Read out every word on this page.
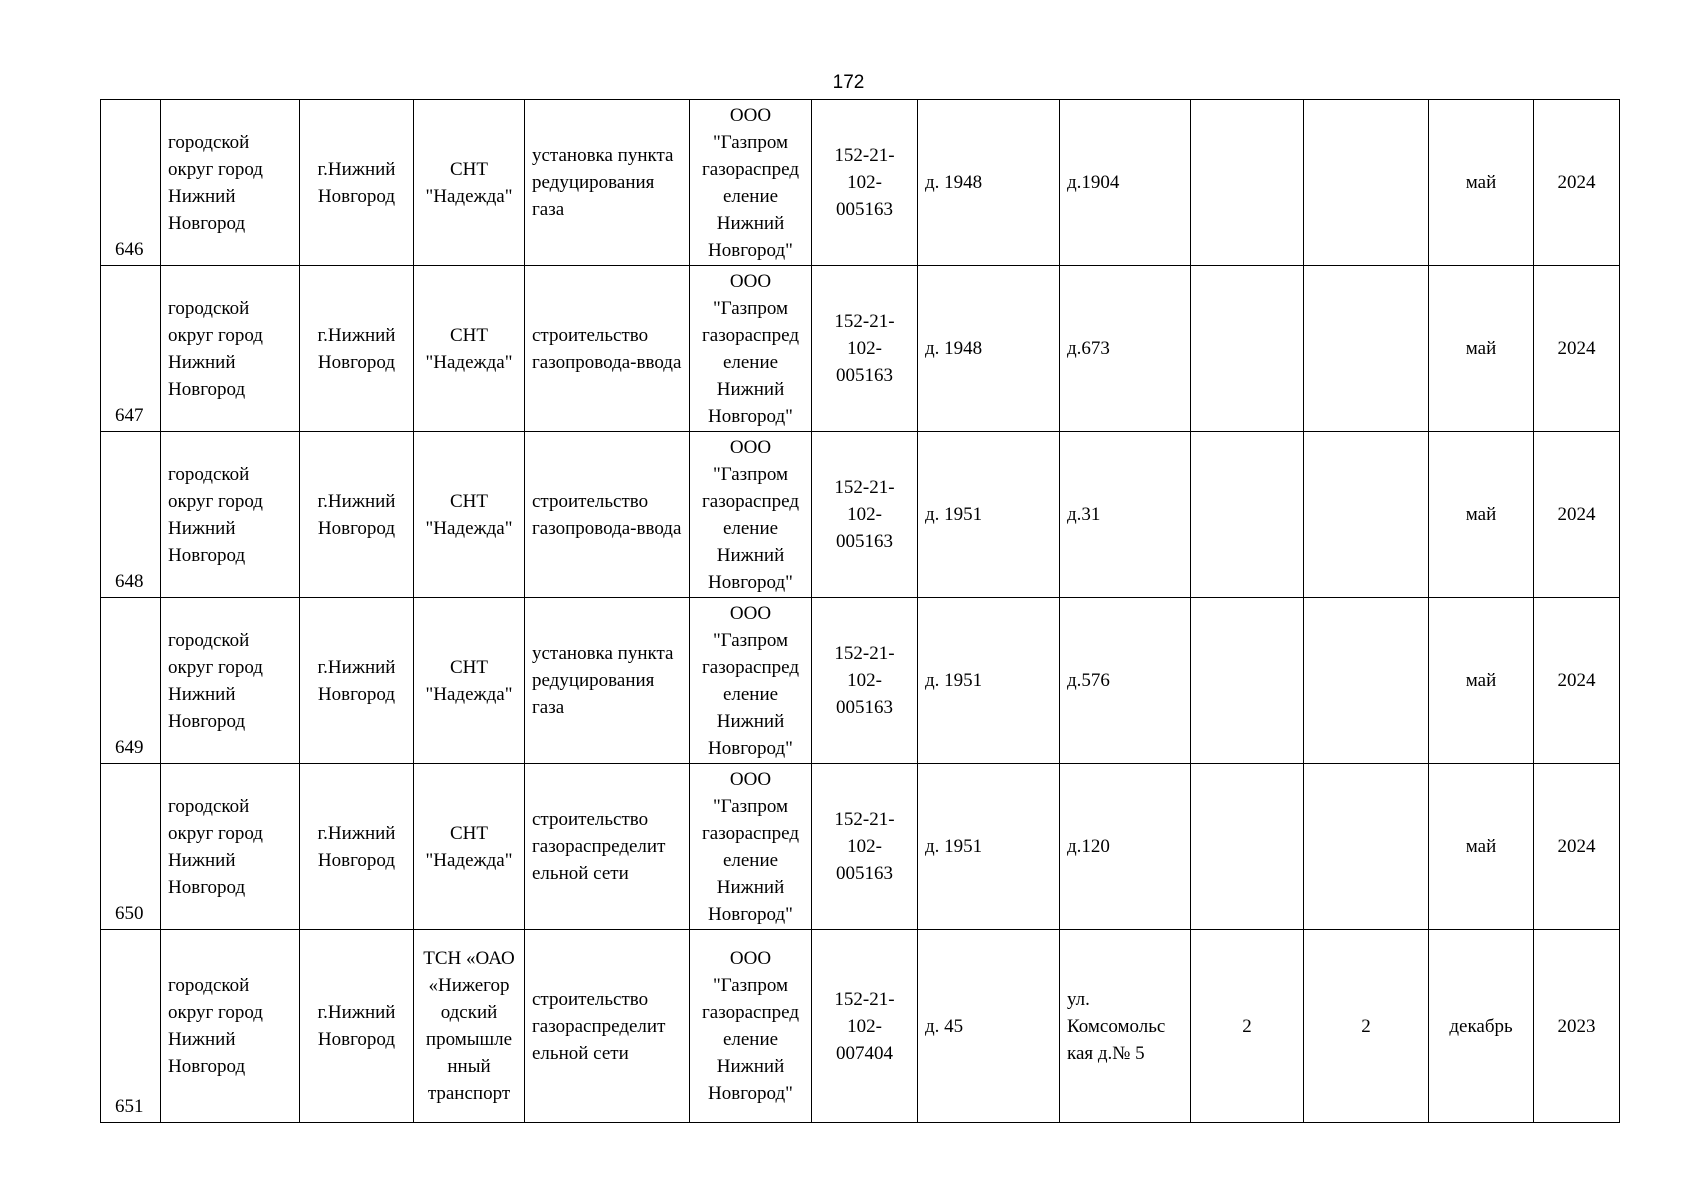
172
646	городской округ город Нижний Новгород	г.Нижний Новгород	СНТ "Надежда"	установка пункта редуцирования газа	ООО "Газпром газораспред еление Нижний Новгород"	152-21-102-005163	д. 1948	д.1904			май	2024
647	городской округ город Нижний Новгород	г.Нижний Новгород	СНТ "Надежда"	строительство газопровода-ввода	ООО "Газпром газораспред еление Нижний Новгород"	152-21-102-005163	д. 1948	д.673			май	2024
648	городской округ город Нижний Новгород	г.Нижний Новгород	СНТ "Надежда"	строительство газопровода-ввода	ООО "Газпром газораспред еление Нижний Новгород"	152-21-102-005163	д. 1951	д.31			май	2024
649	городской округ город Нижний Новгород	г.Нижний Новгород	СНТ "Надежда"	установка пункта редуцирования газа	ООО "Газпром газораспред еление Нижний Новгород"	152-21-102-005163	д. 1951	д.576			май	2024
650	городской округ город Нижний Новгород	г.Нижний Новгород	СНТ "Надежда"	строительство газораспределит ельной сети	ООО "Газпром газораспред еление Нижний Новгород"	152-21-102-005163	д. 1951	д.120			май	2024
651	городской округ город Нижний Новгород	г.Нижний Новгород	ТСН «ОАО «Нижегор одский промышле нный транспорт	строительство газораспределит ельной сети	ООО "Газпром газораспред еление Нижний Новгород"	152-21-102-007404	д. 45	ул. Комсомольс кая д.№ 5	2	2	декабрь	2023
